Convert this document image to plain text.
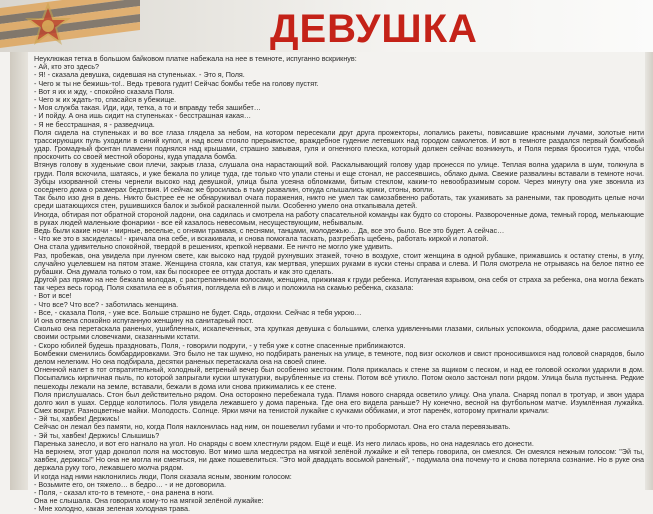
ДЕВУШКА

Неуклюжая тетка в большом байковом платке набежала на нее в темноте, испуганно вскрикнув:

- Ай, кто это здесь?

- Я! - сказала девушка, сидевшая на ступеньках. - Это я, Поля.

- Чего ж ты не бежишь-то!.. Ведь тревога гудит! Сейчас бомбы тебе на голову пустят.

- Вот я их и жду, - спокойно сказала Поля.

- Чего ж их ждать-то, спасайся в убежище.

- Моя служба такая. Иди, иди, тетка, а то и вправду тебя зашибет…

- И пойду. А она ишь сидит на ступеньках - бесстрашная какая…

- Я не бесстрашная, я - разведчица.

Поля сидела на ступеньках и во все глаза глядела за небом, на котором пересекали друг друга прожекторы, лопались ракеты, повисавшие красными лучами, золотые нити трассирующих пуль уходили в синий купол, и над всем стояло прерывистое, враждебное гудение летевших над городом самолетов. И вот в темноте раздался первый бомбовый удар. Громадный фонтан пламени поднялся над крышами, страшно завывая, гуля и огненного плеска, который должен сейчас возникнуть, и Поля первая бросится туда, чтобы проскочить со своей местной обороны, куда упадала бомба.

Втянув голову в худенькие свои плечи, закрыв глаза, слушала она нарастающий вой. Раскалывающий голову удар пронесся по улице. Теплая волна ударила в шум, толкнула в груди. Поля вскочила, шатаясь, и уже бежала по улице туда, где только что упали стены и еще стонал, не рассеявшись, облако дыма. Свежие развалины вставали в темноте ночи. Зубцы изорванной стены чернели высоко над девушкой, улица была усеяна обломками, битым стеклом, каким-то невообразимым сором. Через минуту она уже звонила из соседнего дома о размерах бедствия. И сейчас же бросилась в тьму развалин, откуда слышались крики, стоны, вопли.

Так было изо дня в день. Никто быстрее ее не обнаруживал очага поражения, никто не умел так самозабвенно работать, так ухаживать за ранеными, так проводить целые ночи среди шатающихся стен, рушившихся балок и зыбкой раскаленной пыли. Особенно умело она откапывала детей.

Иногда, обтирая пот обратной стороной ладони, она садилась и смотрела на работу спасательной команды как будто со стороны. Развороченные дома, темный город, мелькающие в руках людей маленькие фонарики - все ей казалось невесомым, несуществующим, небывалым.

Ведь были какие ночи - мирные, веселые, с огнями трамвая, с песнями, танцами, молодежью… Да, все это было. Все это будет. А сейчас…

- Что же это в засиделась! - кричала она себе, и вскакивала, и снова помогала таскать, разгребать щебень, работать киркой и лопатой.

Она стала удивительно спокойной, твердой в решениях, крепкой нервами. Ее ничто не могло уже удивить.

Раз, пробежав, она увидела при лунном свете, как высоко над грудой рухнувших этажей, точно в воздухе, стоит женщина в одной рубашке, прижавшись к остатку стены, в углу, случайно уцелевшем на пятом этаже. Женщина стояла, как статуя, как мертвая, уперших руками в куски стены справа и слева. И Поля смотрела не отрываясь на белое пятно ее рубашки. Она думала только о том, как бы поскорее ее оттуда достать и как это сделать.

Другой раз прямо на нее бежала молодая, с растрепанными волосами, женщина, прижимая к груди ребенка. Испуганная взрывом, она себя от страха за ребенка, она могла бежать так через весь город. Поля схватила ее в объятия, поглядела ей в лицо и положила на скамью ребенка, сказала:

- Вот и все!

- Что все? Что все? - заботилась женщина.

- Все, - сказала Поля, - уже все. Больше страшно не будет. Сядь, отдохни. Сейчас я тебя укрою…

И она отвела спокойно испуганную женщину на санитарный пост.

Сколько она перетаскала раненых, ушибленных, искалеченных, эта хрупкая девушка с большими, слегка удивленными глазами, сильных успокоила, ободрила, даже рассмешила своими острыми словечками, сказанными кстати.

- Скоро юбилей будешь праздновать, Поля, - говорили подруги, - у тебя уже к сотне спасенные приближаются.

Бомбежки сменились бомбардировками. Это было не так шумно, но подбирать раненых на улице, в темноте, под визг осколков и свист проносившихся над головой снарядов, было делом нелегким. Но она подбирала, десятки раненых перетаскала она на своей спине.

Огненной налет в тот отвратительный, холодный, ветреный вечер был особенно жестоким. Поля прижалась к стене за ящиком с песком, и над ее головой осколки ударили в дом. Посыпались кирпичная пыль, по которой запрыгали куски штукатурки, вырубленные из стены. Потом всё утихло. Потом около застонал поги рядом. Улица была пустынна. Редкие пешеходы лежали на земле, вставали, бежали в дома или снова прижимались к ее стене.

Поля прислушалась. Стон был действительно рядом. Она осторожно перебежала туда. Пламя нового снаряда осветило улицу. Она упала. Снаряд попал в тротуар, и звон удара долго жил в ушах. Сердце колотилось. Поля увидела лежавшего у дома паренька. Где она его видела раньше? Ну конечно, весной на футбольном матче. Изумлённая лужайка. Смех вокруг. Разноцветные майки. Молодость. Солнце. Ярки мячи на тенистой лужайке с кучками оббиками, и этот паренёк, которому пригнали кричали:

- Эй ты, хавбек! Держись!

Сейчас он лежал без памяти, но, когда Поля наклонилась над ним, он пошевелил губами и что-то пробормотал. Она его стала перевязывать.

- Эй ты, хавбек! Держись! Слышишь?

Паренька занесло, и вот его нагнало на угол. Но снаряды с воем хлестнули рядом. Ещё и ещё. Из него лилась кровь, но она надеялась его донести.

На верхнем, этот удар доколол поля на мостовую. Вот мимо шла медсестра на мягкой зелёной лужайке и ей теперь говорила, он смеялся. Он смеялся нежным голосом: "Эй ты, хавбек, держись!" Но она не могла ни смеяться, ни даже пошевелиться. "Это мой двадцать восьмой раненый", - подумала она почему-то и снова потеряла сознание. Но в руке она держала руку того, лежавшего молча рядом.

И когда над ними наклонились люди, Поля сказала ясным, звонким голосом:

- Возьмите его, он тяжело… в бедро… - и не договорила.

- Поля, - сказал кто-то в темноте, - она ранена в ноги.

Она не слышала. Она говорила кому-то на мягкой зелёной лужайке:

- Мне холодно, какая зеленая холодная трава.
